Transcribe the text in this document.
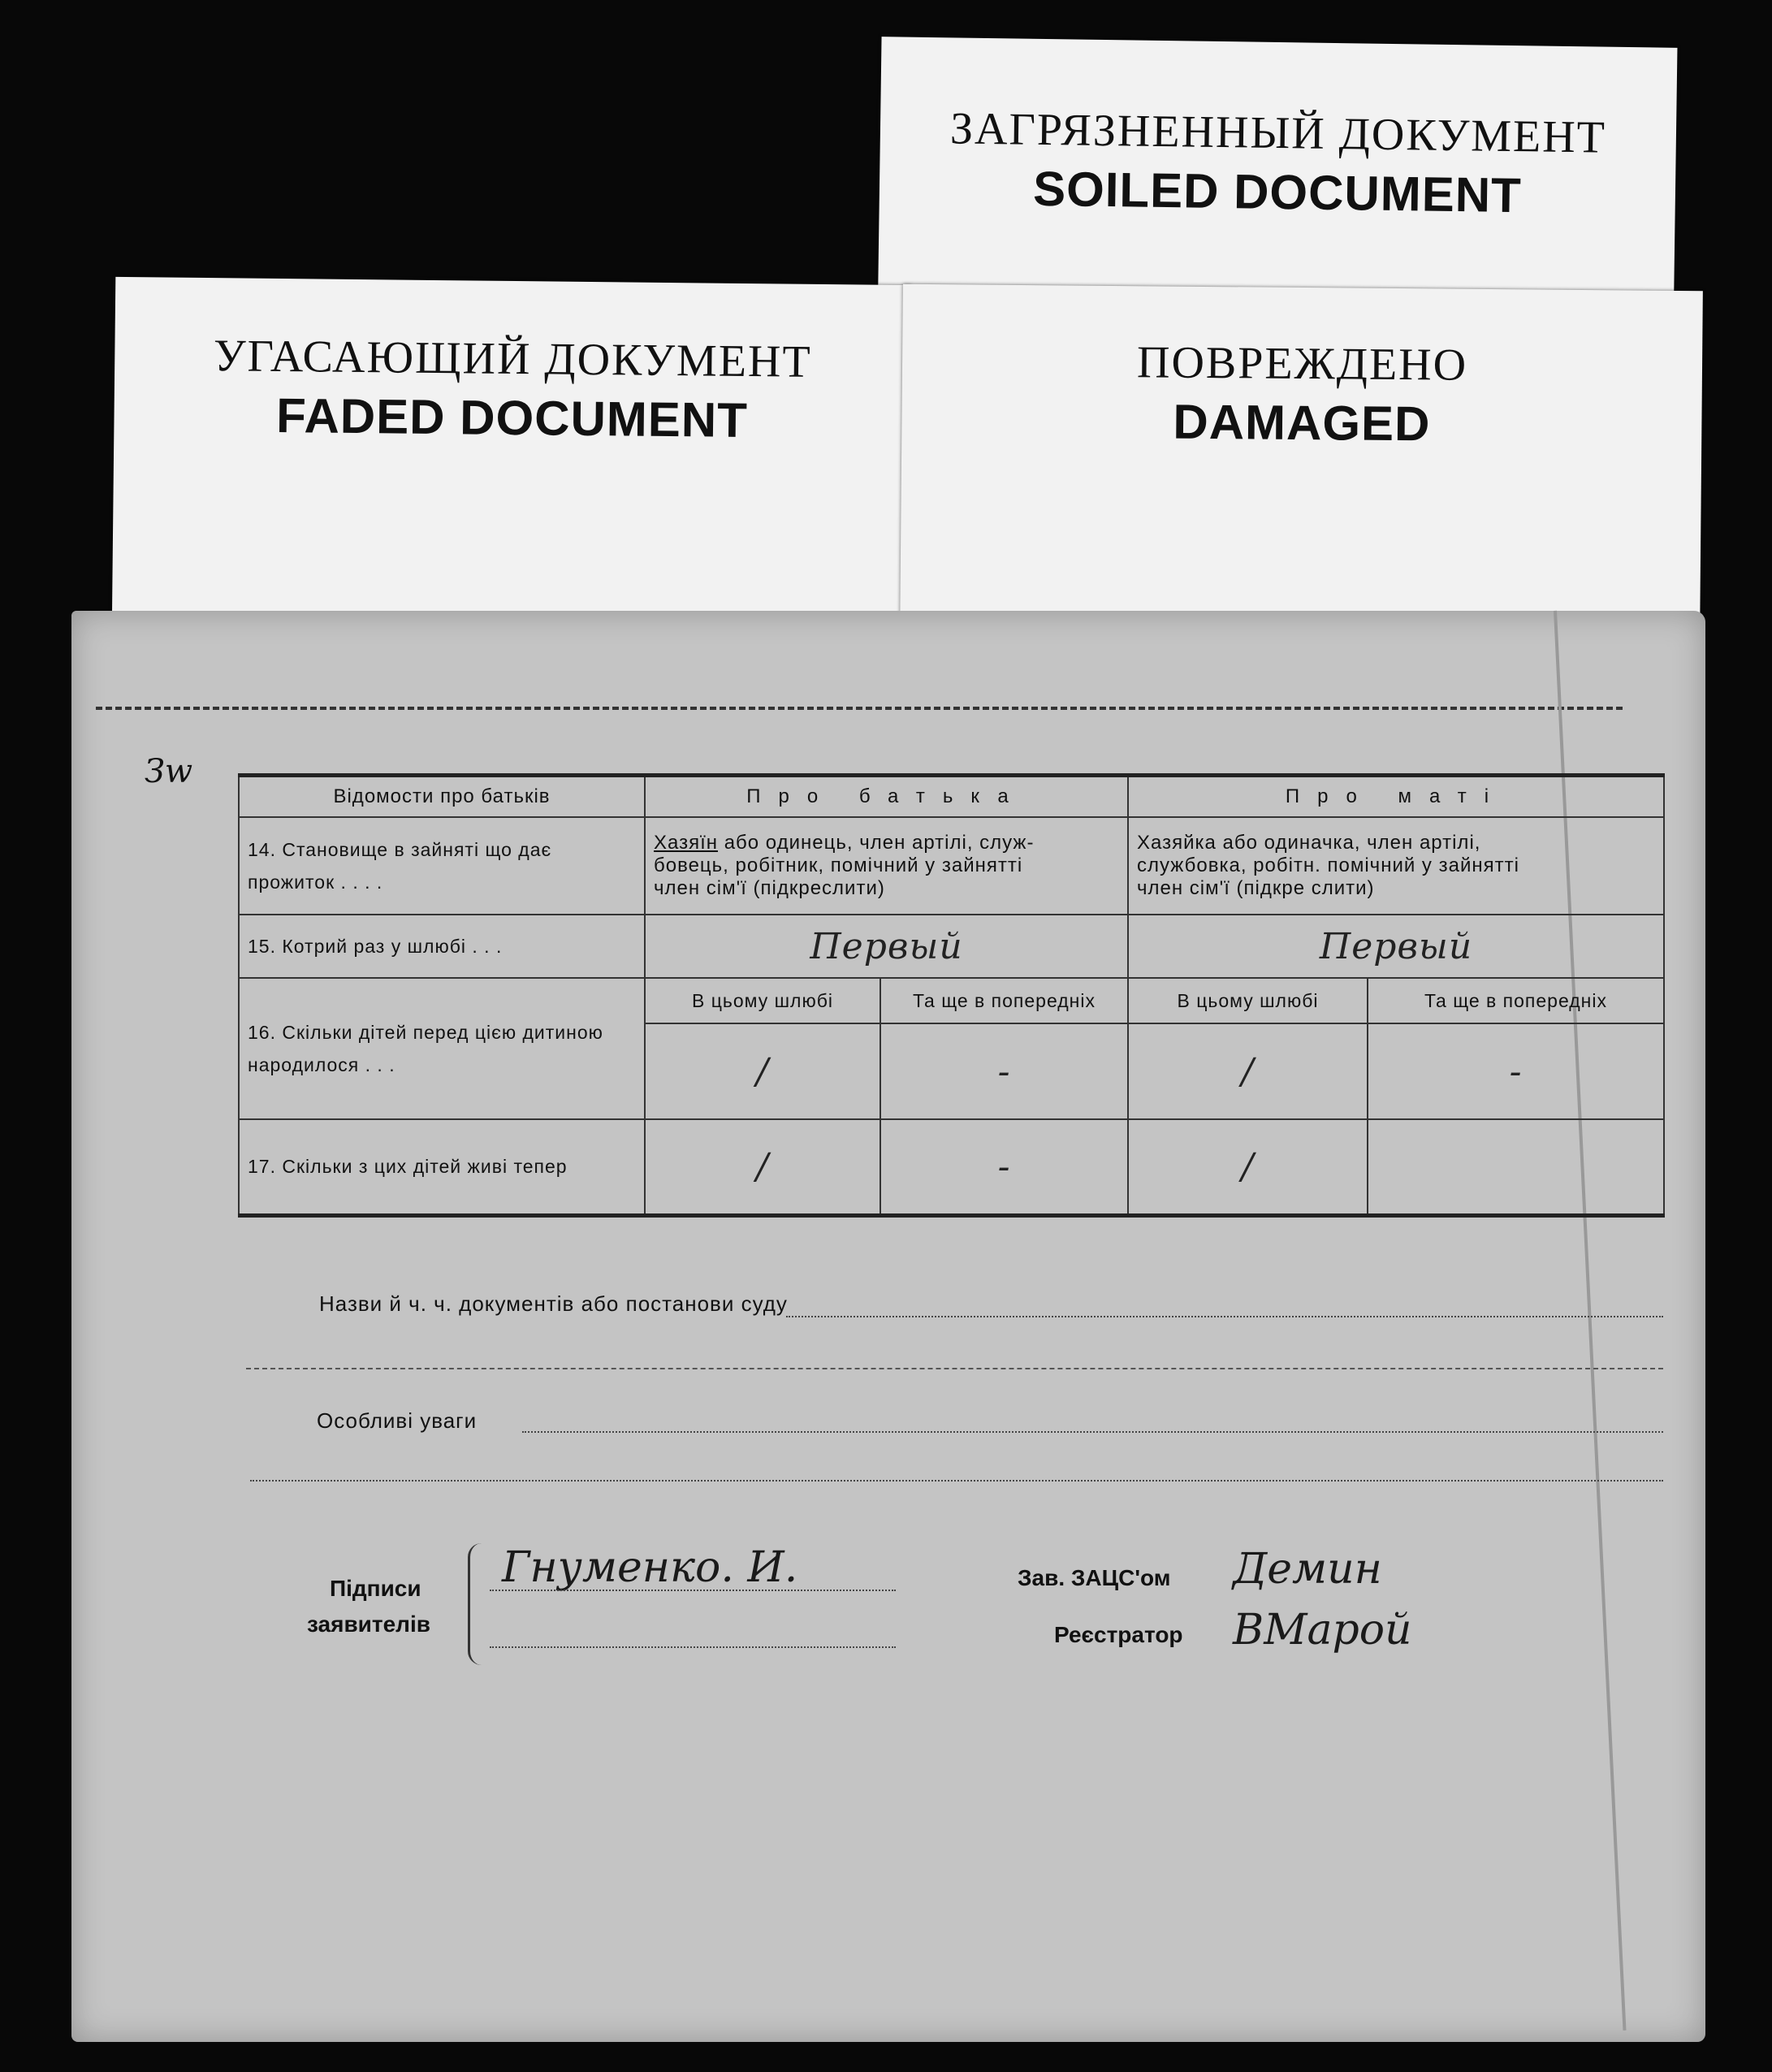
ЗАГРЯЗНЕННЫЙ ДОКУМЕНТ
SOILED DOCUMENT
УГАСАЮЩИЙ ДОКУМЕНТ
FADED DOCUMENT
ПОВРЕЖДЕНО
DAMAGED
Зw
Відомости про батьків	Про батька		Про маті	
14. Становище в зайняті що дає прожиток . . . .	Хазяїн або одинець, член артілі, служ-
бовець, робітник, помічний у зайнятті
член сім'ї (підкреслити)		Хазяйка або одиначка, член артілі,
службовка, робітн. помічний у зайнятті
член сім'ї (підкре слити)	
15. Котрий раз у шлюбі . . .	Первый		Первый	
16. Скільки дітей перед цією дитиною народилося . . .	В цьому шлюбі	Та ще в попередніх	В цьому шлюбі	Та ще в попередніх
	/	-	/	-
17. Скільки з цих дітей живі тепер	/	-	/	
Назви й ч. ч. документів або постанови суду
Особливі уваги
Підписи
заявителів
Гнуменко. И.	Зав. ЗАЦС'ом Демин
Реєстратор ВМарой
